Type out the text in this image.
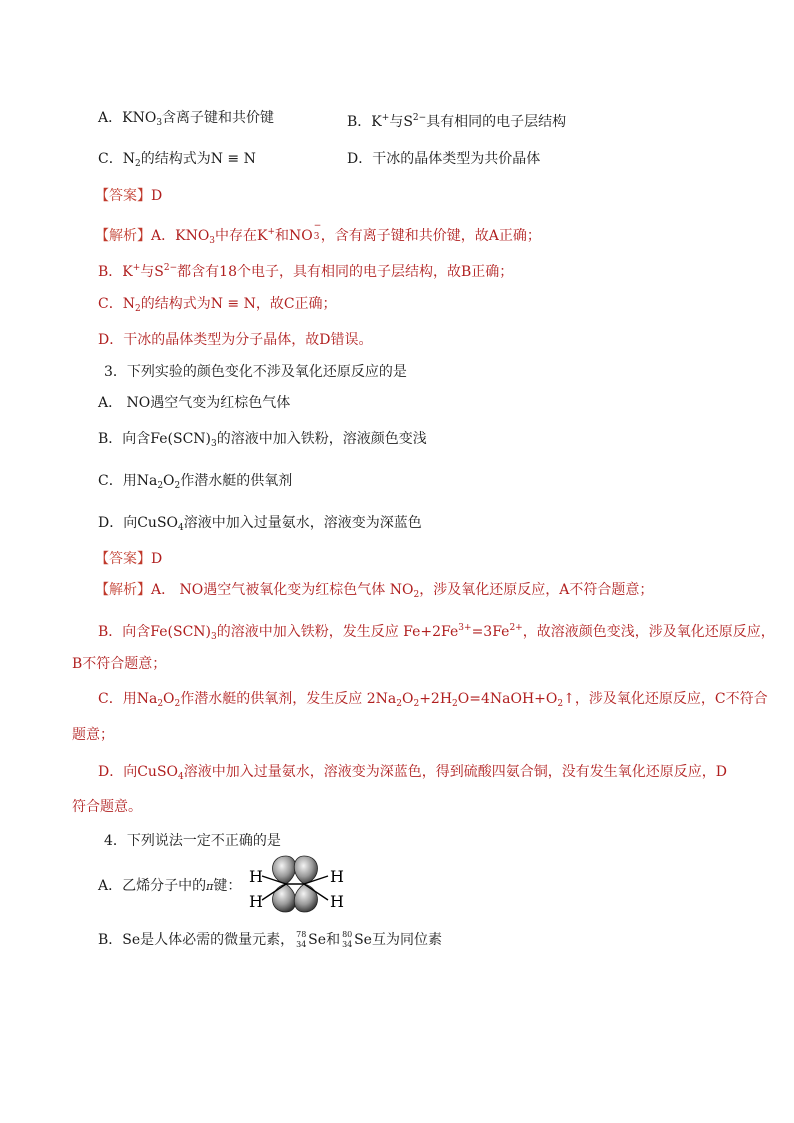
A．$KNO_3$含离子键和共价键	B．K+与$S^{2-}$具有相同的电子层结构
C．$N_2$的结构式为N ≡ N	D．干冰的晶体类型为共价晶体
【答案】D
【解析】A．$KNO_3$中存在K+和NO
−
3 ，含有离子键和共价键，故A正确；
B．K+与$S^{2-}$都含有18个电子，具有相同的电子层结构，故B正确；
C．$N_2$的结构式为N ≡ N，故C正确；
D．干冰的晶体类型为分子晶体，故D错误。
3．下列实验的颜色变化不涉及氧化还原反应的是
A． NO遇空气变为红棕色气体
B．向含$Fe(SCN)_3$的溶液中加入铁粉，溶液颜色变浅
C．用$Na_2O_2$作潜水艇的供氧剂
D．向CuSO$_4$溶液中加入过量氨水，溶液变为深蓝色
【答案】D
【解析】A． NO遇空气被氧化变为红棕色气体 $NO_2$，涉及氧化还原反应，A不符合题意；
B．向含$Fe(SCN)_3$的溶液中加入铁粉，发生反应 $Fe+2Fe^{3+}=3Fe^{2+}$，故溶液颜色变浅，涉及氧化还原反应，
B不符合题意；
C．用$Na_2O_2$作潜水艇的供氧剂，发生反应 $2Na_2O_2+2H_2O=4NaOH+O_2↑$，涉及氧化还原反应，C不符合
题意；
D．向CuSO$_4$溶液中加入过量氨水，溶液变为深蓝色，得到硫酸四氨合铜，没有发生氧化还原反应，D
符合题意。
4．下列说法一定不正确的是
A．乙烯分子中的π键： H
H
H
H
B．Se是人体必需的微量元素， 78
34 Se和 80
34 Se互为同位素
